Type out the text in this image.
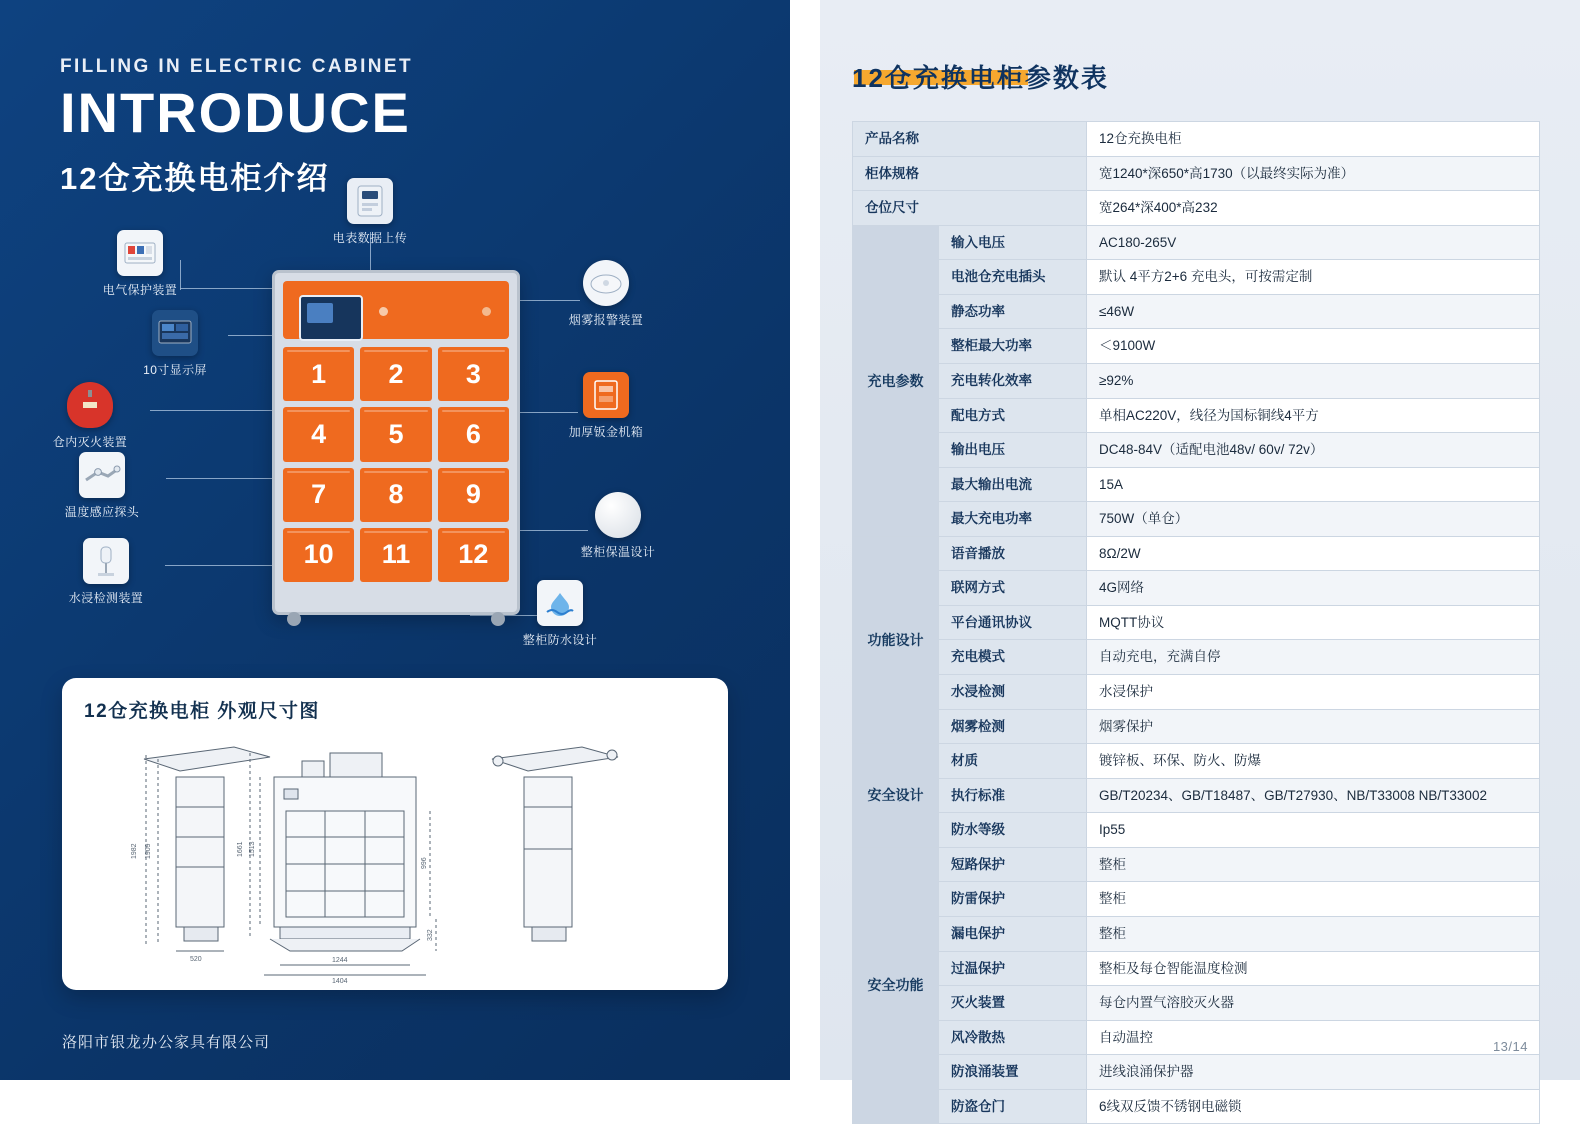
FILLING IN ELECTRIC CABINET
INTRODUCE
12仓充换电柜介绍
1	2	3
4	5	6
7	8	9
10	11	12
电表数据上传
电气保护装置
10寸显示屏
仓内灭火装置
温度感应探头
水浸检测装置
烟雾报警装置
加厚钣金机箱
整柜保温设计
整柜防水设计
12仓充换电柜 外观尺寸图
1982 1909
520
1661 1513
996
332
1244
1404
洛阳市银龙办公家具有限公司
12仓充换电柜参数表
产品名称		12仓充换电柜
柜体规格		宽1240*深650*高1730（以最终实际为准）
仓位尺寸		宽264*深400*高232
充电参数	输入电压	AC180-265V
	电池仓充电插头	默认 4平方2+6 充电头，可按需定制
	静态功率	≤46W
	整柜最大功率	＜9100W
	充电转化效率	≥92%
	配电方式	单相AC220V，线径为国标铜线4平方
	输出电压	DC48-84V（适配电池48v/ 60v/ 72v）
	最大输出电流	15A
	最大充电功率	750W（单仓）
功能设计	语音播放	8Ω/2W
	联网方式	4G网络
	平台通讯协议	MQTT协议
	充电模式	自动充电，充满自停
	水浸检测	水浸保护
	烟雾检测	烟雾保护
安全设计	材质	镀锌板、环保、防火、防爆
	执行标准	GB/T20234、GB/T18487、GB/T27930、NB/T33008 NB/T33002
	防水等级	Ip55
安全功能	短路保护	整柜
	防雷保护	整柜
	漏电保护	整柜
	过温保护	整柜及每仓智能温度检测
	灭火装置	每仓内置气溶胶灭火器
	风冷散热	自动温控
	防浪涌装置	进线浪涌保护器
	防盗仓门	6线双反馈不锈钢电磁锁
13/14
